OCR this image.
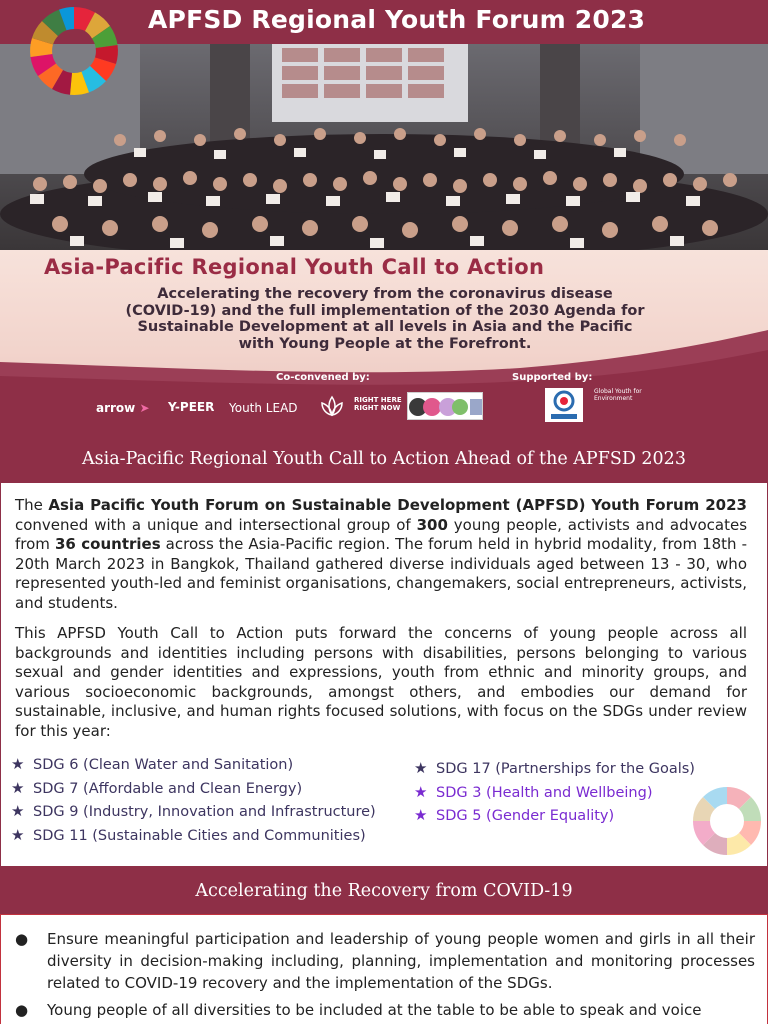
APFSD Regional Youth Forum 2023
Asia-Pacific Regional Youth Call to Action
Accelerating the recovery from the coronavirus disease
(COVID-19) and the full implementation of the 2030 Agenda for
Sustainable Development at all levels in Asia and the Pacific
with Young People at the Forefront.
Co-convened by:	Supported by:
arrow ➤ Y-PEER Youth LEAD
RIGHT HERE
RIGHT NOW
Global Youth for
Environment
Asia-Pacific Regional Youth Call to Action Ahead of the APFSD 2023

The Asia Pacific Youth Forum on Sustainable Development (APFSD) Youth Forum 2023 convened with a unique and intersectional group of 300 young people, activists and advocates from 36 countries across the Asia-Pacific region. The forum held in hybrid modality, from 18th - 20th March 2023 in Bangkok, Thailand gathered diverse individuals aged between 13 - 30, who represented youth-led and feminist organisations, changemakers, social entrepreneurs, activists, and students.

This APFSD Youth Call to Action puts forward the concerns of young people across all backgrounds and identities including persons with disabilities, persons belonging to various sexual and gender identities and expressions, youth from ethnic and minority groups, and various socioeconomic backgrounds, amongst others, and embodies our demand for sustainable, inclusive, and human rights focused solutions, with focus on the SDGs under review for this year:

★ SDG 6 (Clean Water and Sanitation)
★ SDG 7 (Affordable and Clean Energy)
★ SDG 9 (Industry, Innovation and Infrastructure)
★ SDG 11 (Sustainable Cities and Communities)
★ SDG 17 (Partnerships for the Goals)
★ SDG 3 (Health and Wellbeing)
★ SDG 5 (Gender Equality)
Accelerating the Recovery from COVID-19
● Ensure meaningful participation and leadership of young people women and girls in all their diversity in decision-making including, planning, implementation and monitoring processes related to COVID-19 recovery and the implementation of the SDGs.
● Young people of all diversities to be included at the table to be able to speak and voice
